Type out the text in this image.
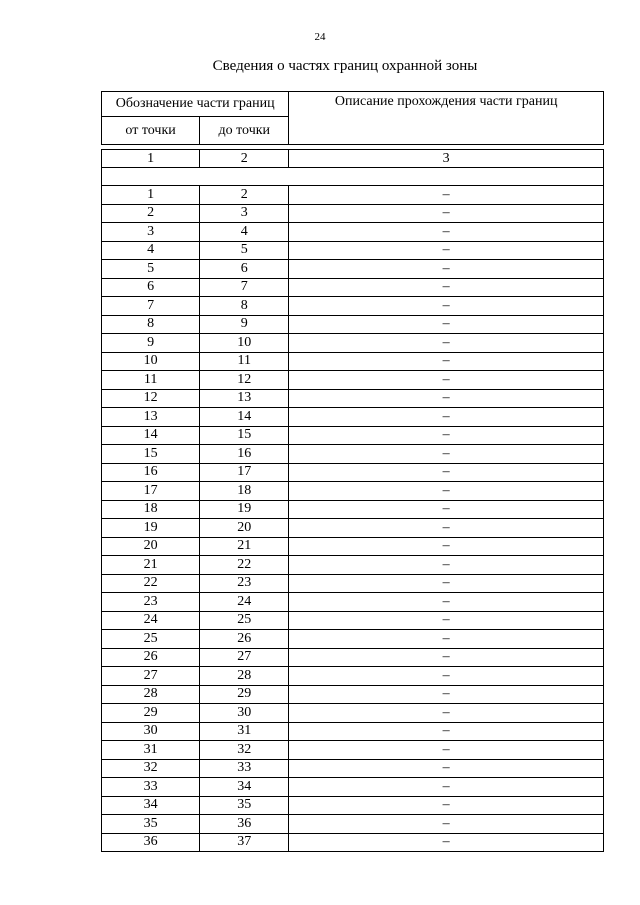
24
Сведения о частях границ охранной зоны
Обозначение части границ		Описание прохождения части границ
от точки	до точки	

1	2	3

1	2	–
2	3	–
3	4	–
4	5	–
5	6	–
6	7	–
7	8	–
8	9	–
9	10	–
10	11	–
11	12	–
12	13	–
13	14	–
14	15	–
15	16	–
16	17	–
17	18	–
18	19	–
19	20	–
20	21	–
21	22	–
22	23	–
23	24	–
24	25	–
25	26	–
26	27	–
27	28	–
28	29	–
29	30	–
30	31	–
31	32	–
32	33	–
33	34	–
34	35	–
35	36	–
36	37	–
